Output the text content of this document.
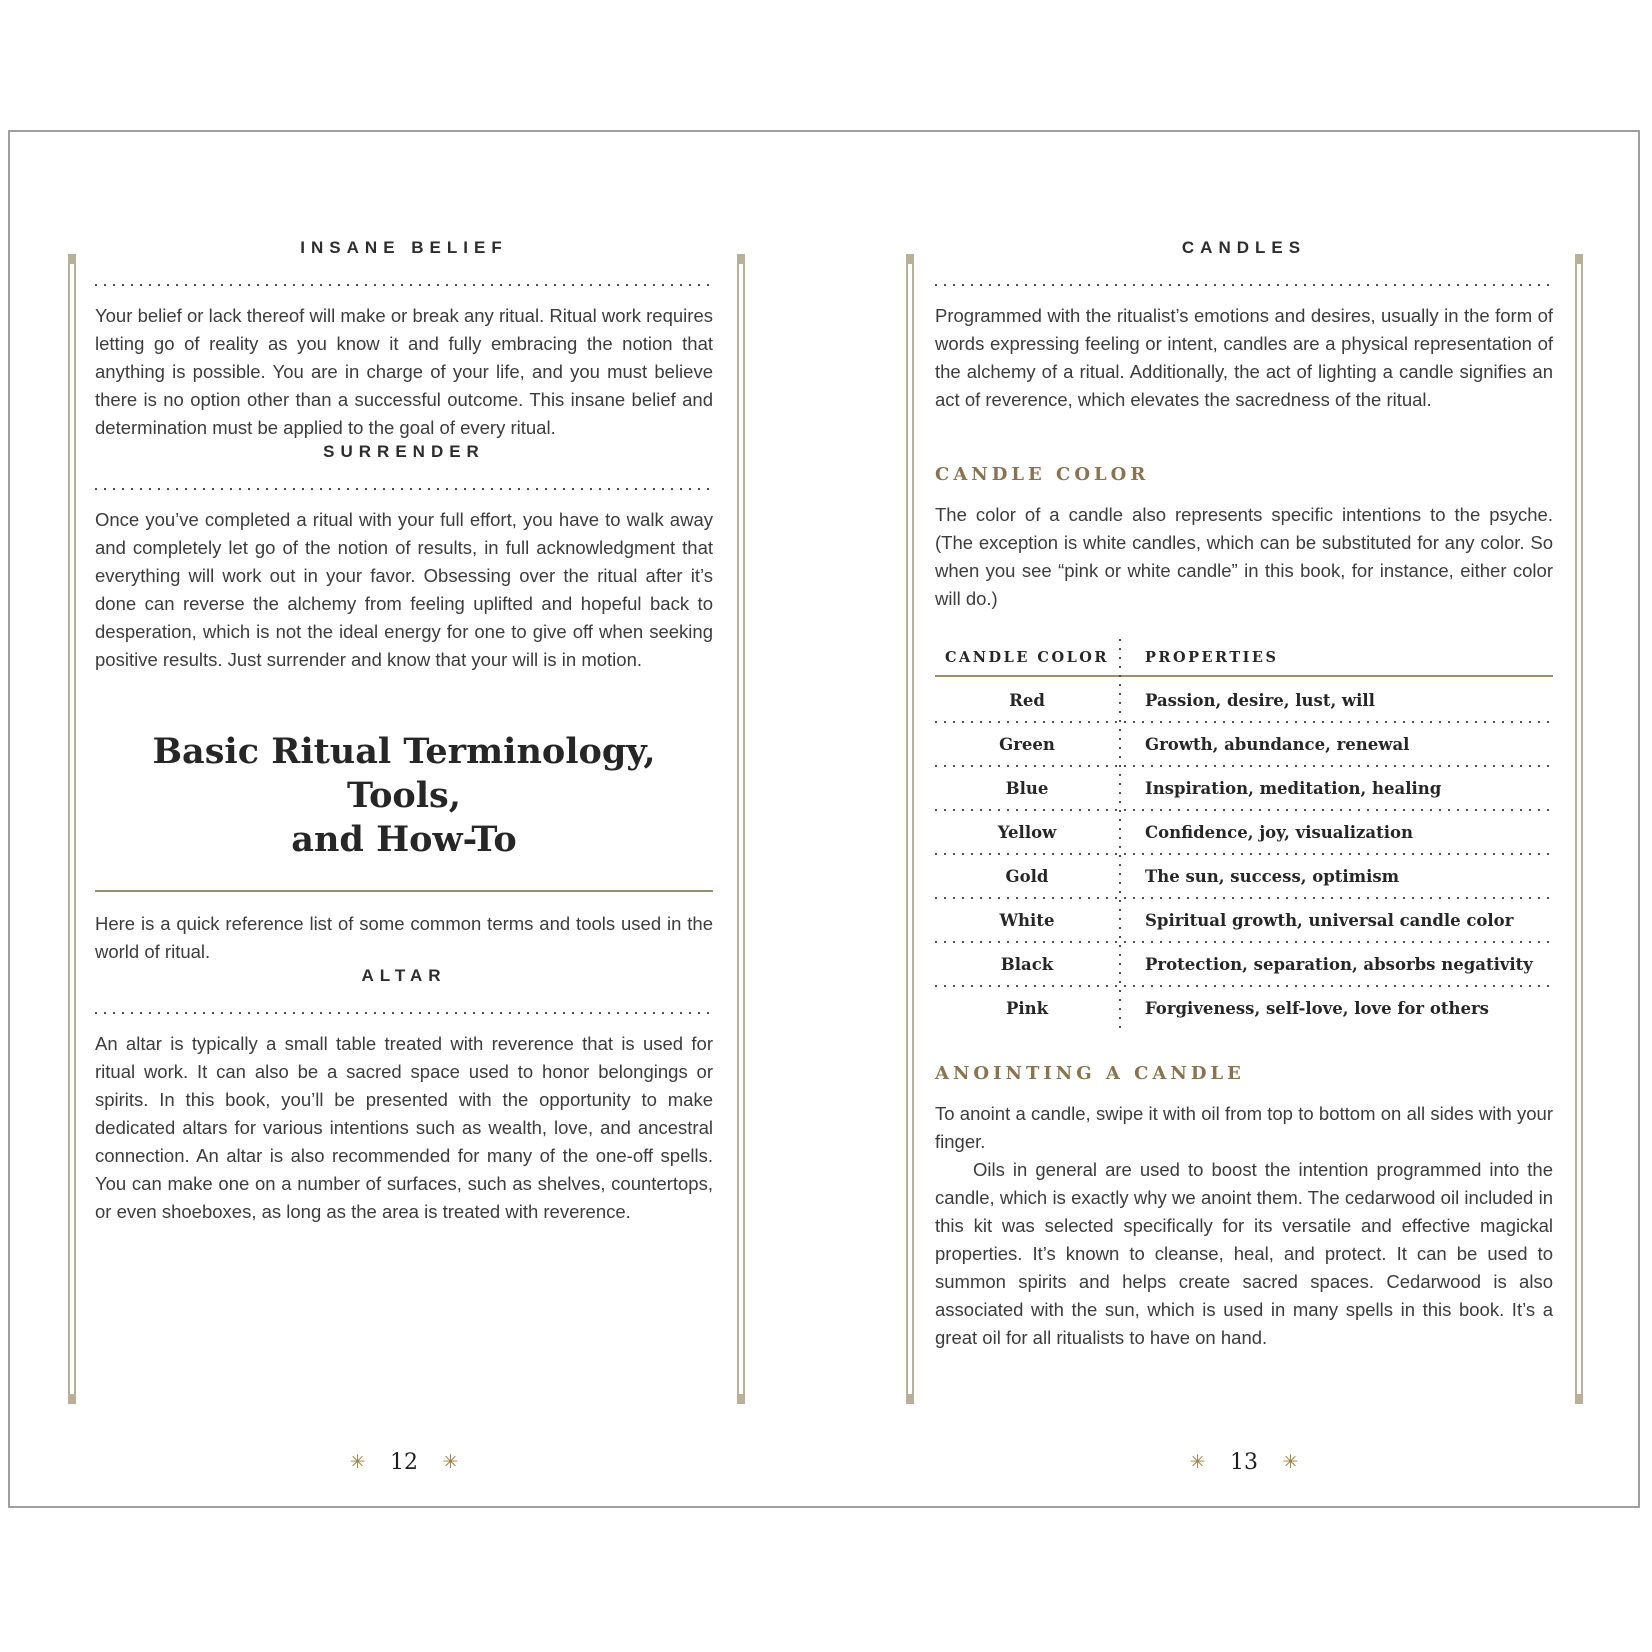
INSANE BELIEF

Your belief or lack thereof will make or break any ritual. Ritual work requires letting go of reality as you know it and fully embracing the notion that anything is possible. You are in charge of your life, and you must believe there is no option other than a successful outcome. This insane belief and determination must be applied to the goal of every ritual.

SURRENDER

Once you’ve completed a ritual with your full effort, you have to walk away and completely let go of the notion of results, in full acknowledgment that everything will work out in your favor. Obsessing over the ritual after it’s done can reverse the alchemy from feeling uplifted and hopeful back to desperation, which is not the ideal energy for one to give off when seeking positive results. Just surrender and know that your will is in motion.

Basic Ritual Terminology, Tools,
and How-To

Here is a quick reference list of some common terms and tools used in the world of ritual.

ALTAR

An altar is typically a small table treated with reverence that is used for ritual work. It can also be a sacred space used to honor belongings or spirits. In this book, you’ll be presented with the opportunity to make dedicated altars for various intentions such as wealth, love, and ancestral connection. An altar is also recommended for many of the one-off spells. You can make one on a number of surfaces, such as shelves, countertops, or even shoeboxes, as long as the area is treated with reverence.

✳ 12 ✳
CANDLES

Programmed with the ritualist’s emotions and desires, usually in the form of words expressing feeling or intent, candles are a physical representation of the alchemy of a ritual. Additionally, the act of lighting a candle signifies an act of reverence, which elevates the sacredness of the ritual.

CANDLE COLOR

The color of a candle also represents specific intentions to the psyche. (The exception is white candles, which can be substituted for any color. So when you see “pink or white candle” in this book, for instance, either color will do.)

CANDLE COLOR	PROPERTIES
Red	Passion, desire, lust, will
Green	Growth, abundance, renewal
Blue	Inspiration, meditation, healing
Yellow	Confidence, joy, visualization
Gold	The sun, success, optimism
White	Spiritual growth, universal candle color
Black	Protection, separation, absorbs negativity
Pink	Forgiveness, self-love, love for others
ANOINTING A CANDLE

To anoint a candle, swipe it with oil from top to bottom on all sides with your finger.

Oils in general are used to boost the intention programmed into the candle, which is exactly why we anoint them. The cedarwood oil included in this kit was selected specifically for its versatile and effective magickal properties. It’s known to cleanse, heal, and protect. It can be used to summon spirits and helps create sacred spaces. Cedarwood is also associated with the sun, which is used in many spells in this book. It’s a great oil for all ritualists to have on hand.

✳ 13 ✳
